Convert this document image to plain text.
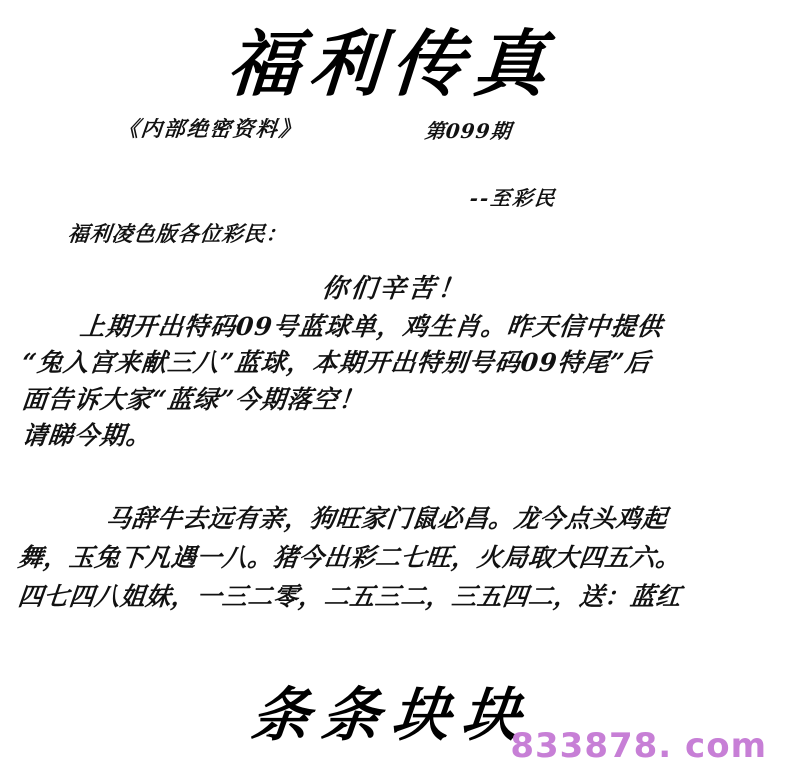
福利传真
《内部绝密资料》	第099期
--至彩民
福利凌色版各位彩民：
你们辛苦！
上期开出特码09号蓝球单，鸡生肖。昨天信中提供
“兔入宫来献三八”蓝球，本期开出特别号码09特尾”后
面告诉大家“蓝绿”今期落空！
请睇今期。
马辞牛去远有亲，狗旺家门鼠必昌。龙今点头鸡起
舞，玉兔下凡遇一八。猪今出彩二七旺，火局取大四五六。
四七四八姐妹，一三二零，二五三二，三五四二，送：蓝红
条条块块
833878. com
